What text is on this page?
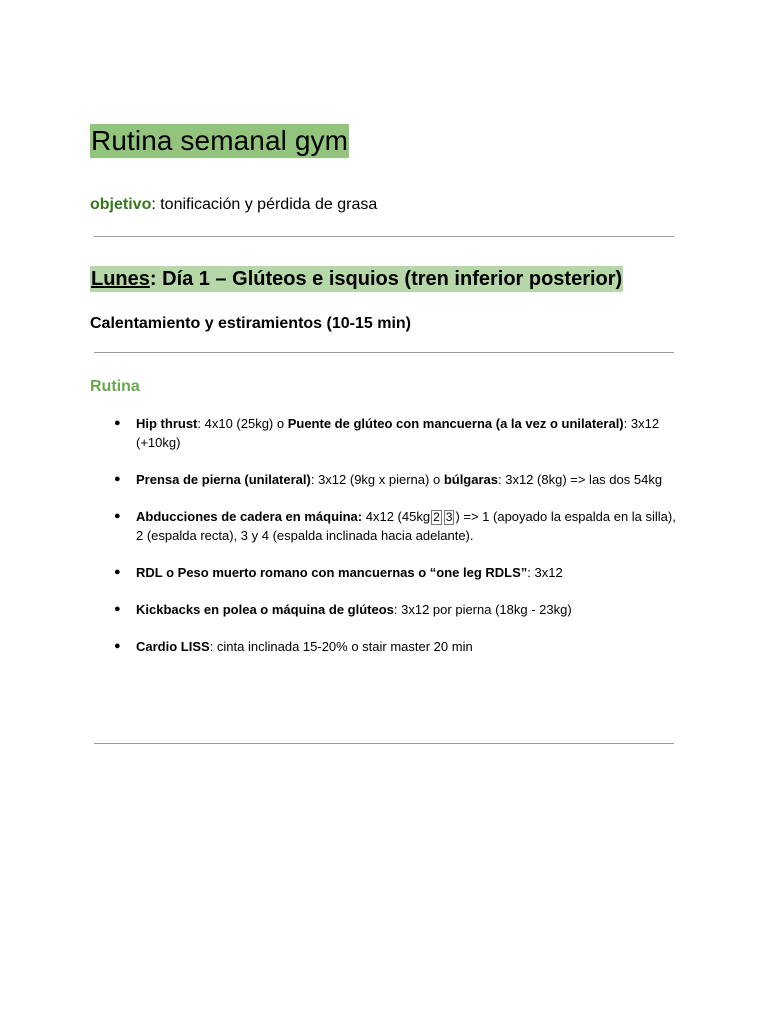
Rutina semanal gym

objetivo: tonificación y pérdida de grasa

Lunes: Día 1 – Glúteos e isquios (tren inferior posterior)

Calentamiento y estiramientos (10-15 min)

Rutina
● Hip thrust: 4x10 (25kg) o Puente de glúteo con mancuerna (a la vez o unilateral): 3x12 (+10kg)
● Prensa de pierna (unilateral): 3x12 (9kg x pierna) o búlgaras: 3x12 (8kg) => las dos 54kg
● Abducciones de cadera en máquina: 4x12 (45kg 2 3 ) => 1 (apoyado la espalda en la silla), 2 (espalda recta), 3 y 4 (espalda inclinada hacia adelante).
● RDL o Peso muerto romano con mancuernas o “one leg RDLS”: 3x12
● Kickbacks en polea o máquina de glúteos: 3x12 por pierna (18kg - 23kg)
● Cardio LISS: cinta inclinada 15-20% o stair master 20 min
